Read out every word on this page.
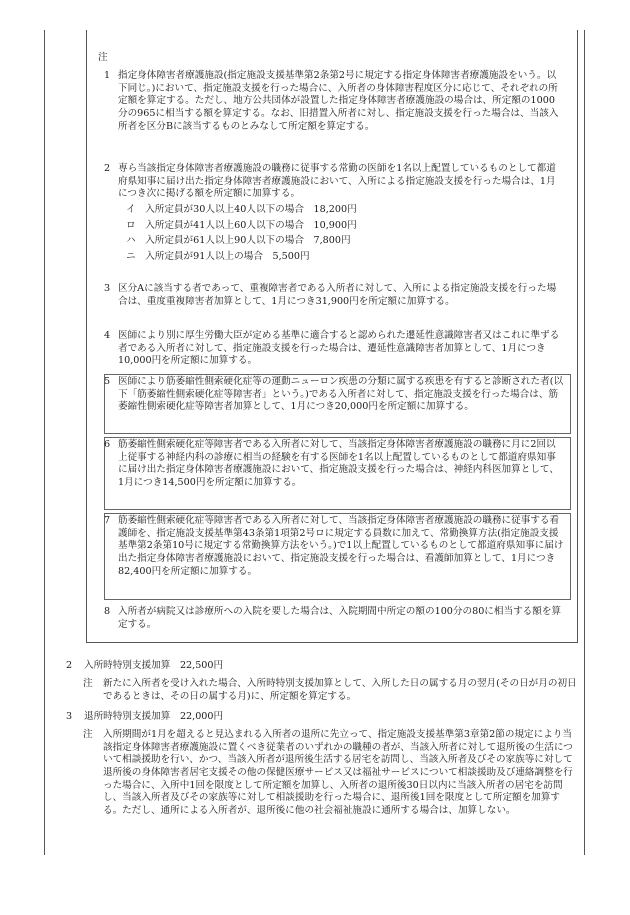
注
1 指定身体障害者療護施設(指定施設支援基準第2条第2号に規定する指定身体障害者療護施設をいう。以下同じ。)において、指定施設支援を行った場合に、入所者の身体障害程度区分に応じて、それぞれの所定額を算定する。ただし、地方公共団体が設置した指定身体障害者療護施設の場合は、所定額の1000分の965に相当する額を算定する。なお、旧措置入所者に対し、指定施設支援を行った場合は、当該入所者を区分Bに該当するものとみなして所定額を算定する。
2 専ら当該指定身体障害者療護施設の職務に従事する常勤の医師を1名以上配置しているものとして都道府県知事に届け出た指定身体障害者療護施設において、入所による指定施設支援を行った場合は、1月につき次に掲げる額を所定額に加算する。
イ　 入所定員が30人以上40人以下の場合　 18,200円
ロ　 入所定員が41人以上60人以下の場合　 10,900円
ハ　 入所定員が61人以上90人以下の場合　 7,800円
ニ　 入所定員が91人以上の場合　 5,500円
3 区分Aに該当する者であって、重複障害者である入所者に対して、入所による指定施設支援を行った場合は、重度重複障害者加算として、1月につき31,900円を所定額に加算する。
4 医師により別に厚生労働大臣が定める基準に適合すると認められた遷延性意識障害者又はこれに準ずる者である入所者に対して、指定施設支援を行った場合は、遷延性意識障害者加算として、1月につき10,000円を所定額に加算する。
5 医師により筋萎縮性側索硬化症等の運動ニューロン疾患の分類に属する疾患を有すると診断された者(以下「筋萎縮性側索硬化症等障害者」という。)である入所者に対して、指定施設支援を行った場合は、筋萎縮性側索硬化症等障害者加算として、1月につき20,000円を所定額に加算する。
6 筋萎縮性側索硬化症等障害者である入所者に対して、当該指定身体障害者療護施設の職務に月に2回以上従事する神経内科の診療に相当の経験を有する医師を1名以上配置しているものとして都道府県知事に届け出た指定身体障害者療護施設において、指定施設支援を行った場合は、神経内科医加算として、1月につき14,500円を所定額に加算する。
7 筋萎縮性側索硬化症等障害者である入所者に対して、当該指定身体障害者療護施設の職務に従事する看護師を、指定施設支援基準第43条第1項第2号ロに規定する員数に加えて、常勤換算方法(指定施設支援基準第2条第10号に規定する常勤換算方法をいう。)で1以上配置しているものとして都道府県知事に届け出た指定身体障害者療護施設において、指定施設支援を行った場合は、看護師加算として、1月につき82,400円を所定額に加算する。
8 入所者が病院又は診療所への入院を要した場合は、入院期間中所定の額の100分の80に相当する額を算定する。
2 入所時特別支援加算　 22,500円
注 新たに入所者を受け入れた場合、入所時特別支援加算として、入所した日の属する月の翌月(その日が月の初日であるときは、その日の属する月)に、所定額を算定する。
3 退所時特別支援加算　 22,000円
注 入所期間が1月を超えると見込まれる入所者の退所に先立って、指定施設支援基準第3章第2節の規定により当該指定身体障害者療護施設に置くべき従業者のいずれかの職種の者が、当該入所者に対して退所後の生活について相談援助を行い、かつ、当該入所者が退所後生活する居宅を訪問し、当該入所者及びその家族等に対して退所後の身体障害者居宅支援その他の保健医療サービス又は福祉サービスについて相談援助及び連絡調整を行った場合に、入所中1回を限度として所定額を加算し、入所者の退所後30日以内に当該入所者の居宅を訪問し、当該入所者及びその家族等に対して相談援助を行った場合に、退所後1回を限度として所定額を加算する。ただし、通所による入所者が、退所後に他の社会福祉施設に通所する場合は、加算しない。
